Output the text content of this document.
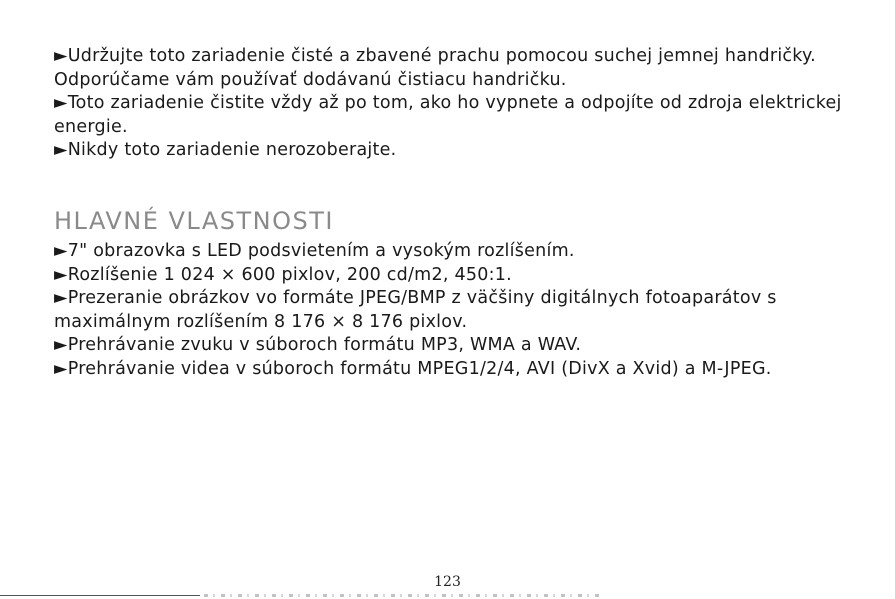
►Udržujte toto zariadenie čisté a zbavené prachu pomocou suchej jemnej handričky. Odporúčame vám používať dodávanú čistiacu handričku.

►Toto zariadenie čistite vždy až po tom, ako ho vypnete a odpojíte od zdroja elektrickej energie.

►Nikdy toto zariadenie nerozoberajte.

HLAVNÉ VLASTNOSTI

►7" obrazovka s LED podsvietením a vysokým rozlíšením.

►Rozlíšenie 1 024 × 600 pixlov, 200 cd/m2, 450:1.

►Prezeranie obrázkov vo formáte JPEG/BMP z väčšiny digitálnych fotoaparátov s maximálnym rozlíšením 8 176 × 8 176 pixlov.

►Prehrávanie zvuku v súboroch formátu MP3, WMA a WAV.

►Prehrávanie videa v súboroch formátu MPEG1/2/4, AVI (DivX a Xvid) a M-JPEG.

123
